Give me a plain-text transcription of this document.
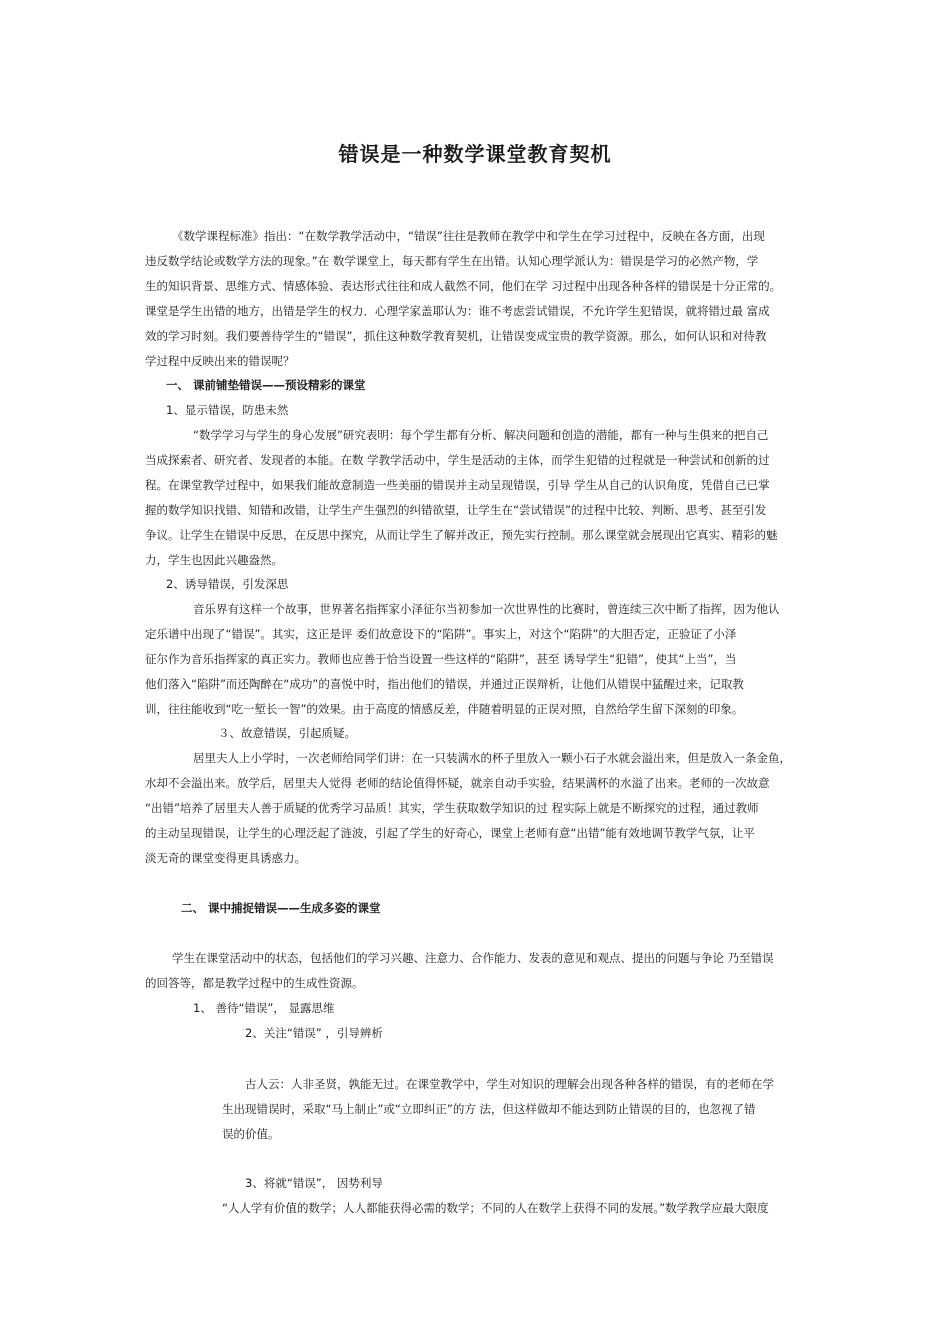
错误是一种数学课堂教育契机
《数学课程标准》指出：“在数学教学活动中，“错误”往往是教师在教学中和学生在学习过程中，反映在各方面，出现
违反数学结论或数学方法的现象。”在 数学课堂上，每天都有学生在出错。认知心理学派认为：错误是学习的必然产物，学
生的知识背景、思维方式、情感体验、表达形式往往和成人截然不同，他们在学 习过程中出现各种各样的错误是十分正常的。
课堂是学生出错的地方，出错是学生的权力．心理学家盖耶认为：谁不考虑尝试错误，不允许学生犯错误，就将错过最 富成
效的学习时刻。我们要善待学生的“错误”，抓住这种数学教育契机，让错误变成宝贵的教学资源。那么，如何认识和对待教
学过程中反映出来的错误呢？
一、 课前铺垫错误——预设精彩的课堂
1、显示错误，防患未然
“数学学习与学生的身心发展”研究表明：每个学生都有分析、解决问题和创造的潜能，都有一种与生俱来的把自己
当成探索者、研究者、发现者的本能。在数 学教学活动中，学生是活动的主体，而学生犯错的过程就是一种尝试和创新的过
程。在课堂教学过程中，如果我们能故意制造一些美丽的错误并主动呈现错误，引导 学生从自己的认识角度，凭借自己已掌
握的数学知识找错、知错和改错，让学生产生强烈的纠错欲望，让学生在“尝试错误”的过程中比较、判断、思考、甚至引发
争议。让学生在错误中反思，在反思中探究，从而让学生了解并改正，预先实行控制。那么课堂就会展现出它真实、精彩的魅
力，学生也因此兴趣盎然。
2、诱导错误，引发深思
音乐界有这样一个故事，世界著名指挥家小泽征尔当初参加一次世界性的比赛时，曾连续三次中断了指挥，因为他认
定乐谱中出现了“错误”。其实，这正是评 委们故意设下的“陷阱”。事实上，对这个“陷阱”的大胆否定，正验证了小泽
征尔作为音乐指挥家的真正实力。教师也应善于恰当设置一些这样的“陷阱”，甚至 诱导学生“犯错”，使其“上当”，当
他们落入“陷阱”而还陶醉在“成功”的喜悦中时，指出他们的错误，并通过正误辩析，让他们从错误中猛醒过来，记取教
训，往往能收到“吃一堑长一智”的效果。由于高度的情感反差，伴随着明显的正误对照，自然给学生留下深刻的印象。
３、故意错误，引起质疑。
居里夫人上小学时，一次老师给同学们讲：在一只装满水的杯子里放入一颗小石子水就会溢出来，但是放入一条金鱼，
水却不会溢出来。放学后，居里夫人觉得 老师的结论值得怀疑，就亲自动手实验，结果满杯的水溢了出来。老师的一次故意
“出错”培养了居里夫人善于质疑的优秀学习品质！其实，学生获取数学知识的过 程实际上就是不断探究的过程，通过教师
的主动呈现错误，让学生的心理泛起了涟波，引起了学生的好奇心，课堂上老师有意“出错”能有效地调节教学气氛，让平
淡无奇的课堂变得更具诱惑力。
二、 课中捕捉错误——生成多姿的课堂
学生在课堂活动中的状态，包括他们的学习兴趣、注意力、合作能力、发表的意见和观点、提出的问题与争论 乃至错误
的回答等，都是教学过程中的生成性资源。
1、 善待“错误”， 显露思维
2、关注“错误” ，引导辨析
古人云：人非圣贤，孰能无过。在课堂教学中，学生对知识的理解会出现各种各样的错误，有的老师在学
生出现错误时，采取“马上制止”或“立即纠正”的方 法，但这样做却不能达到防止错误的目的，也忽视了错
误的价值。
3、将就“错误”， 因势利导
“人人学有价值的数学；人人都能获得必需的数学；不同的人在数学上获得不同的发展。”数学教学应最大限度
